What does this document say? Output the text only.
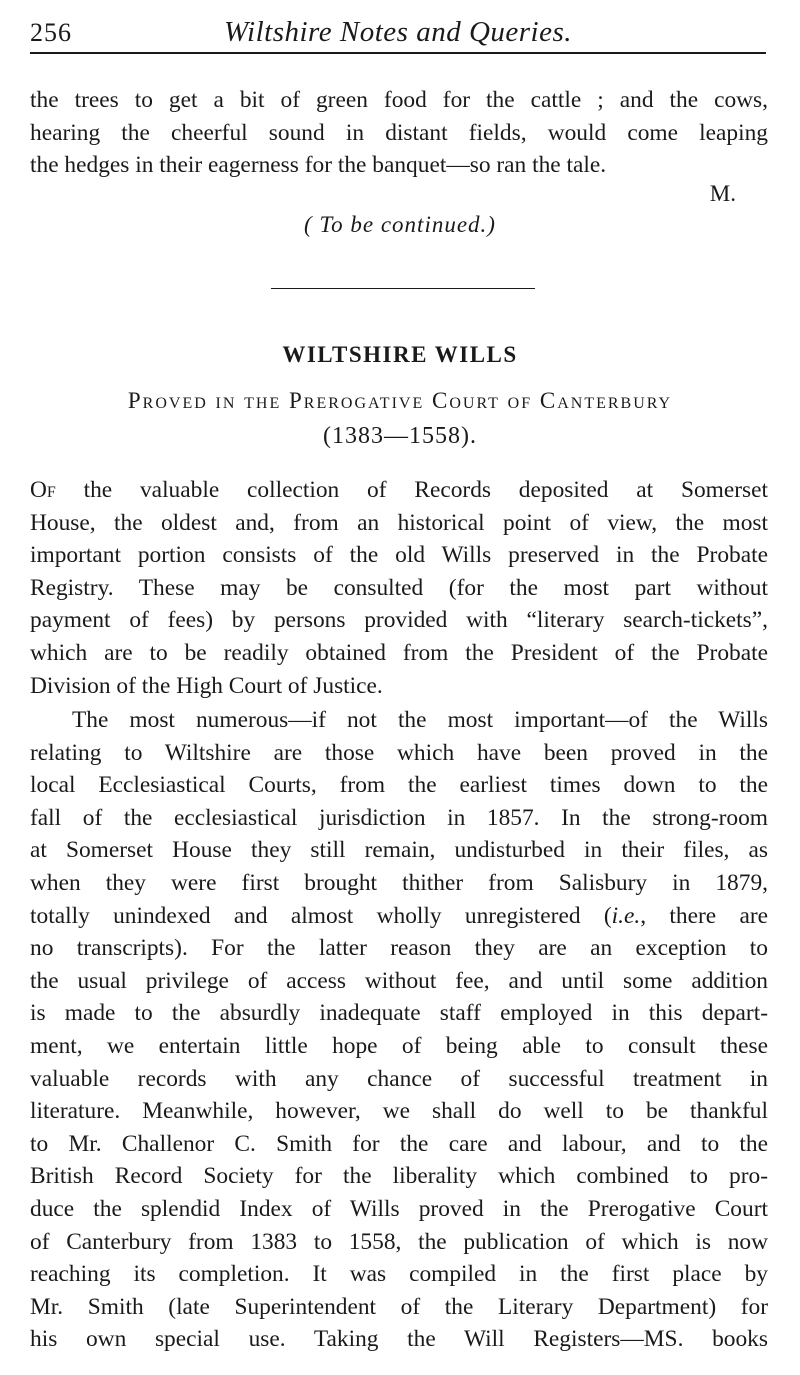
256	Wiltshire Notes and Queries.
the trees to get a bit of green food for the cattle ; and the cows,
hearing the cheerful sound in distant fields, would come leaping
the hedges in their eagerness for the banquet—so ran the tale.
M.
( To be continued.)
WILTSHIRE WILLS
Proved in the Prerogative Court of Canterbury
(1383—1558).
Of the valuable collection of Records deposited at Somerset
House, the oldest and, from an historical point of view, the most
important portion consists of the old Wills preserved in the Probate
Registry. These may be consulted (for the most part without
payment of fees) by persons provided with “literary search-tickets”,
which are to be readily obtained from the President of the Probate
Division of the High Court of Justice.
The most numerous—if not the most important—of the Wills
relating to Wiltshire are those which have been proved in the
local Ecclesiastical Courts, from the earliest times down to the
fall of the ecclesiastical jurisdiction in 1857. In the strong-room
at Somerset House they still remain, undisturbed in their files, as
when they were first brought thither from Salisbury in 1879,
totally unindexed and almost wholly unregistered (i.e., there are
no transcripts). For the latter reason they are an exception to
the usual privilege of access without fee, and until some addition
is made to the absurdly inadequate staff employed in this depart-
ment, we entertain little hope of being able to consult these
valuable records with any chance of successful treatment in
literature. Meanwhile, however, we shall do well to be thankful
to Mr. Challenor C. Smith for the care and labour, and to the
British Record Society for the liberality which combined to pro-
duce the splendid Index of Wills proved in the Prerogative Court
of Canterbury from 1383 to 1558, the publication of which is now
reaching its completion. It was compiled in the first place by
Mr. Smith (late Superintendent of the Literary Department) for
his own special use. Taking the Will Registers—MS. books
